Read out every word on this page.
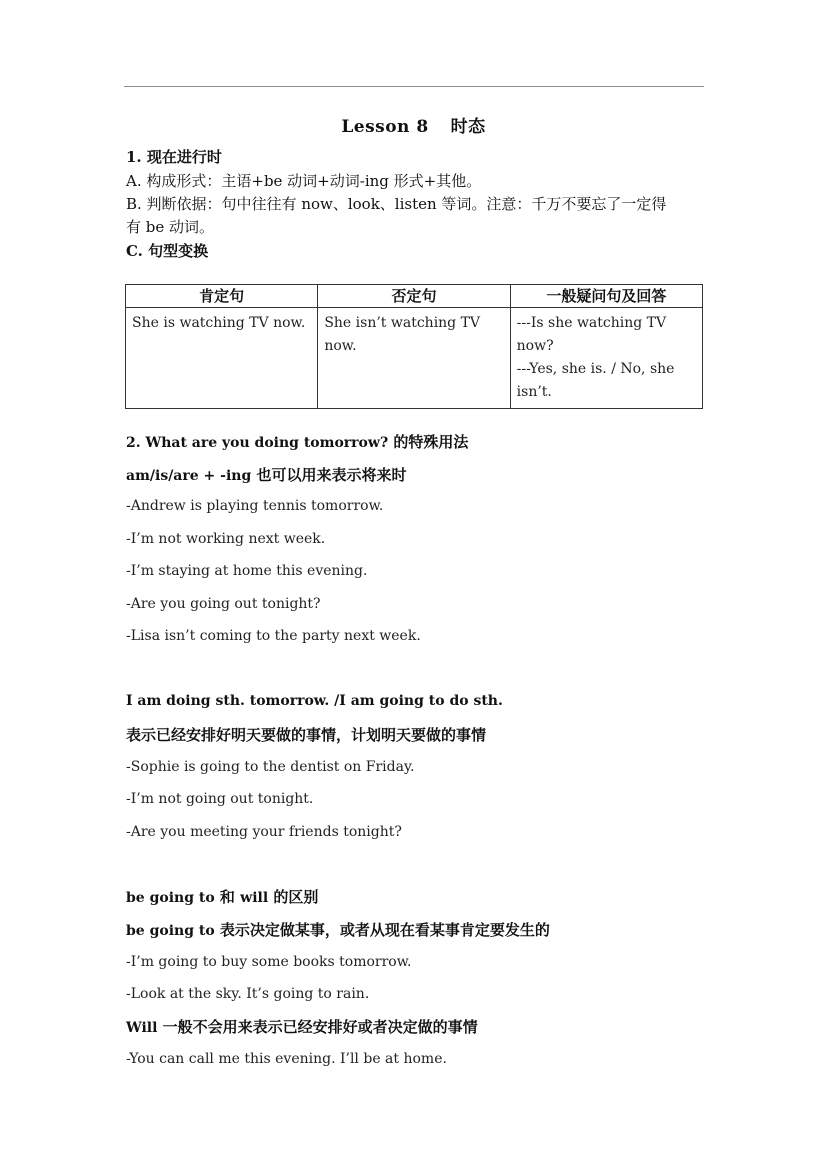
Lesson 8 时态
1. 现在进行时
A. 构成形式：主语+be 动词+动词-ing 形式+其他。
B. 判断依据：句中往往有 now、look、listen 等词。注意：千万不要忘了一定得
有 be 动词。
C. 句型变换
肯定句	否定句	一般疑问句及回答
She is watching TV now.	She isn’t watching TV now.	---Is she watching TV now?
---Yes, she is. / No, she isn’t.
2. What are you doing tomorrow? 的特殊用法
am/is/are + -ing 也可以用来表示将来时
-Andrew is playing tennis tomorrow.
-I’m not working next week.
-I’m staying at home this evening.
-Are you going out tonight?
-Lisa isn’t coming to the party next week.
I am doing sth. tomorrow. /I am going to do sth.
表示已经安排好明天要做的事情，计划明天要做的事情
-Sophie is going to the dentist on Friday.
-I’m not going out tonight.
-Are you meeting your friends tonight?
be going to 和 will 的区别
be going to 表示决定做某事，或者从现在看某事肯定要发生的
-I’m going to buy some books tomorrow.
-Look at the sky. It’s going to rain.
Will 一般不会用来表示已经安排好或者决定做的事情
-You can call me this evening. I’ll be at home.
